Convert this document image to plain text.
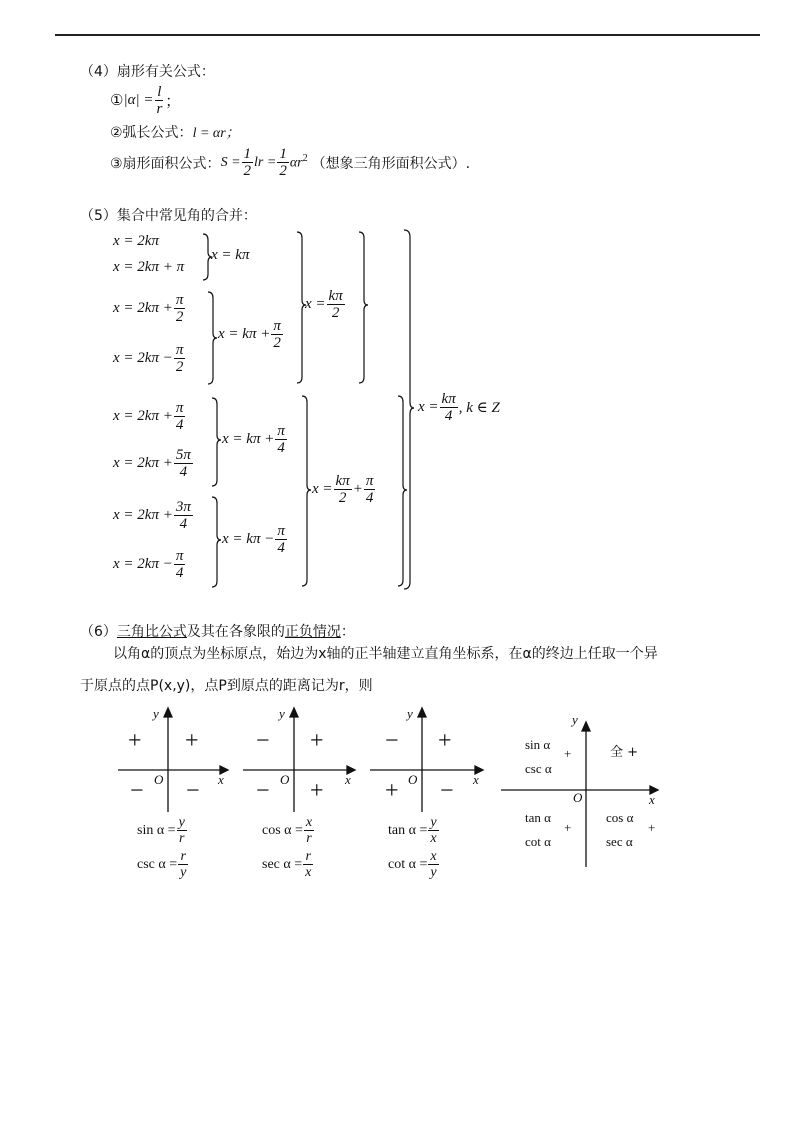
（4）扇形有关公式：
① $|\alpha| = \frac{l}{r}$ ；
②弧长公式：l = αr；
③扇形面积公式： $S = \frac{1}{2}$ lr = $\frac{1}{2} \alpha r^2$ （想象三角形面积公式）.
（5）集合中常见角的合并：
x = 2kπ
x = 2kπ + π
x = kπ
$x = 2k\pi + \frac{\pi}{2}$
$x = 2k\pi - \frac{\pi}{2}$
$x = k\pi + \frac{\pi}{2}$
$x = \frac{k\pi}{2}$
$x = 2k\pi + \frac{\pi}{4}$
$x = 2k\pi + \frac{5\pi}{4}$
$x = k\pi + \frac{\pi}{4}$
$x = 2k\pi + \frac{3\pi}{4}$
$x = 2k\pi - \frac{\pi}{4}$
$x = k\pi - \frac{\pi}{4}$
$x = \frac{k\pi}{2} + \frac{\pi}{4}$
$x = \frac{k\pi}{4}$ , k ∈ Z
（6）三角比公式及其在各象限的正负情况：
以角α的顶点为坐标原点，始边为x轴的正半轴建立直角坐标系，在α的终边上任取一个异
于原点的点P(x,y)，点P到原点的距离记为r，则
+ +
− −
y
x
O
$\sin \alpha = \frac{y}{r}$
$\csc \alpha = \frac{r}{y}$
− +
− +
y
x
O
$\cos \alpha = \frac{x}{r}$
$\sec \alpha = \frac{r}{x}$
− +
+ −
y
x
O
$\tan \alpha = \frac{y}{x}$
$\cot \alpha = \frac{x}{y}$
y
x
O
sin α
csc α
+	全 +
tan α
cot α
+
cos α
sec α
+
